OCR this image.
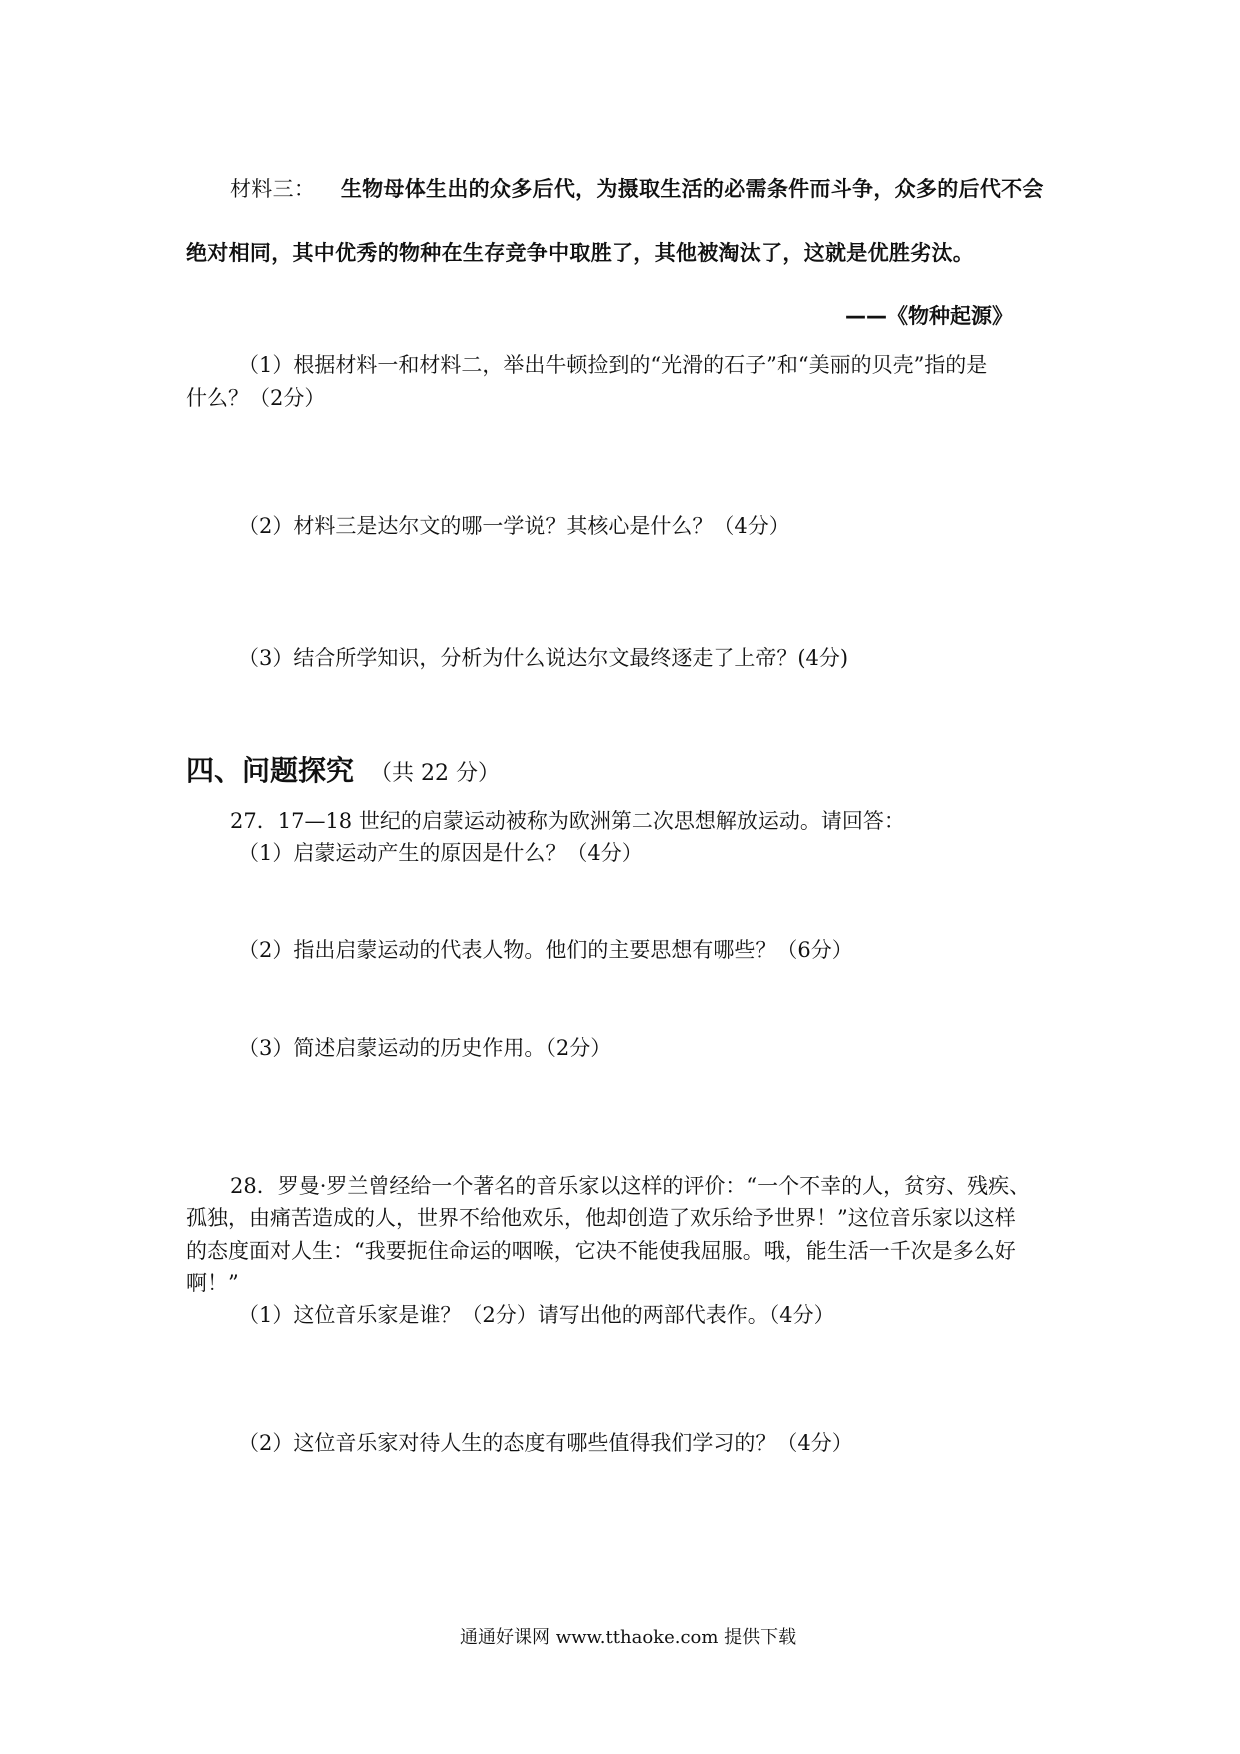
材料三： 生物母体生出的众多后代，为摄取生活的必需条件而斗争，众多的后代不会
绝对相同，其中优秀的物种在生存竞争中取胜了，其他被淘汰了，这就是优胜劣汰。
——《物种起源》
（1）根据材料一和材料二，举出牛顿捡到的“光滑的石子”和“美丽的贝壳”指的是
什么？（2分）
（2）材料三是达尔文的哪一学说？其核心是什么？（4分）
（3）结合所学知识，分析为什么说达尔文最终逐走了上帝？(4分)
四、问题探究 （共 22 分）
27．17—18 世纪的启蒙运动被称为欧洲第二次思想解放运动。请回答：
（1）启蒙运动产生的原因是什么？（4分）
（2）指出启蒙运动的代表人物。他们的主要思想有哪些？（6分）
（3）简述启蒙运动的历史作用。（2分）
28．罗曼·罗兰曾经给一个著名的音乐家以这样的评价：“一个不幸的人，贫穷、残疾、
孤独，由痛苦造成的人，世界不给他欢乐，他却创造了欢乐给予世界！”这位音乐家以这样
的态度面对人生：“我要扼住命运的咽喉，它决不能使我屈服。哦，能生活一千次是多么好
啊！”
（1）这位音乐家是谁？（2分）请写出他的两部代表作。（4分）
（2）这位音乐家对待人生的态度有哪些值得我们学习的？（4分）
通通好课网 www.tthaoke.com 提供下载
